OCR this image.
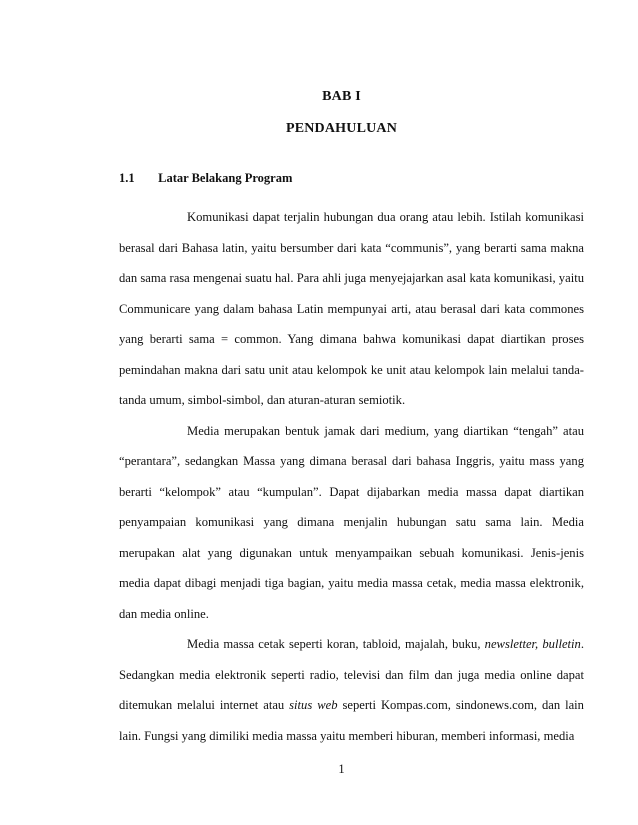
BAB I
PENDAHULUAN
1.1 Latar Belakang Program

Komunikasi dapat terjalin hubungan dua orang atau lebih. Istilah komunikasi berasal dari Bahasa latin, yaitu bersumber dari kata “communis”, yang berarti sama makna dan sama rasa mengenai suatu hal. Para ahli juga menyejajarkan asal kata komunikasi, yaitu Communicare yang dalam bahasa Latin mempunyai arti, atau berasal dari kata commones yang berarti sama = common. Yang dimana bahwa komunikasi dapat diartikan proses pemindahan makna dari satu unit atau kelompok ke unit atau kelompok lain melalui tanda-tanda umum, simbol-simbol, dan aturan-aturan semiotik.

Media merupakan bentuk jamak dari medium, yang diartikan “tengah” atau “perantara”, sedangkan Massa yang dimana berasal dari bahasa Inggris, yaitu mass yang berarti “kelompok” atau “kumpulan”. Dapat dijabarkan media massa dapat diartikan penyampaian komunikasi yang dimana menjalin hubungan satu sama lain. Media merupakan alat yang digunakan untuk menyampaikan sebuah komunikasi. Jenis-jenis media dapat dibagi menjadi tiga bagian, yaitu media massa cetak, media massa elektronik, dan media online.

Media massa cetak seperti koran, tabloid, majalah, buku, newsletter, bulletin. Sedangkan media elektronik seperti radio, televisi dan film dan juga media online dapat ditemukan melalui internet atau situs web seperti Kompas.com, sindonews.com, dan lain lain. Fungsi yang dimiliki media massa yaitu memberi hiburan, memberi informasi, media

1
